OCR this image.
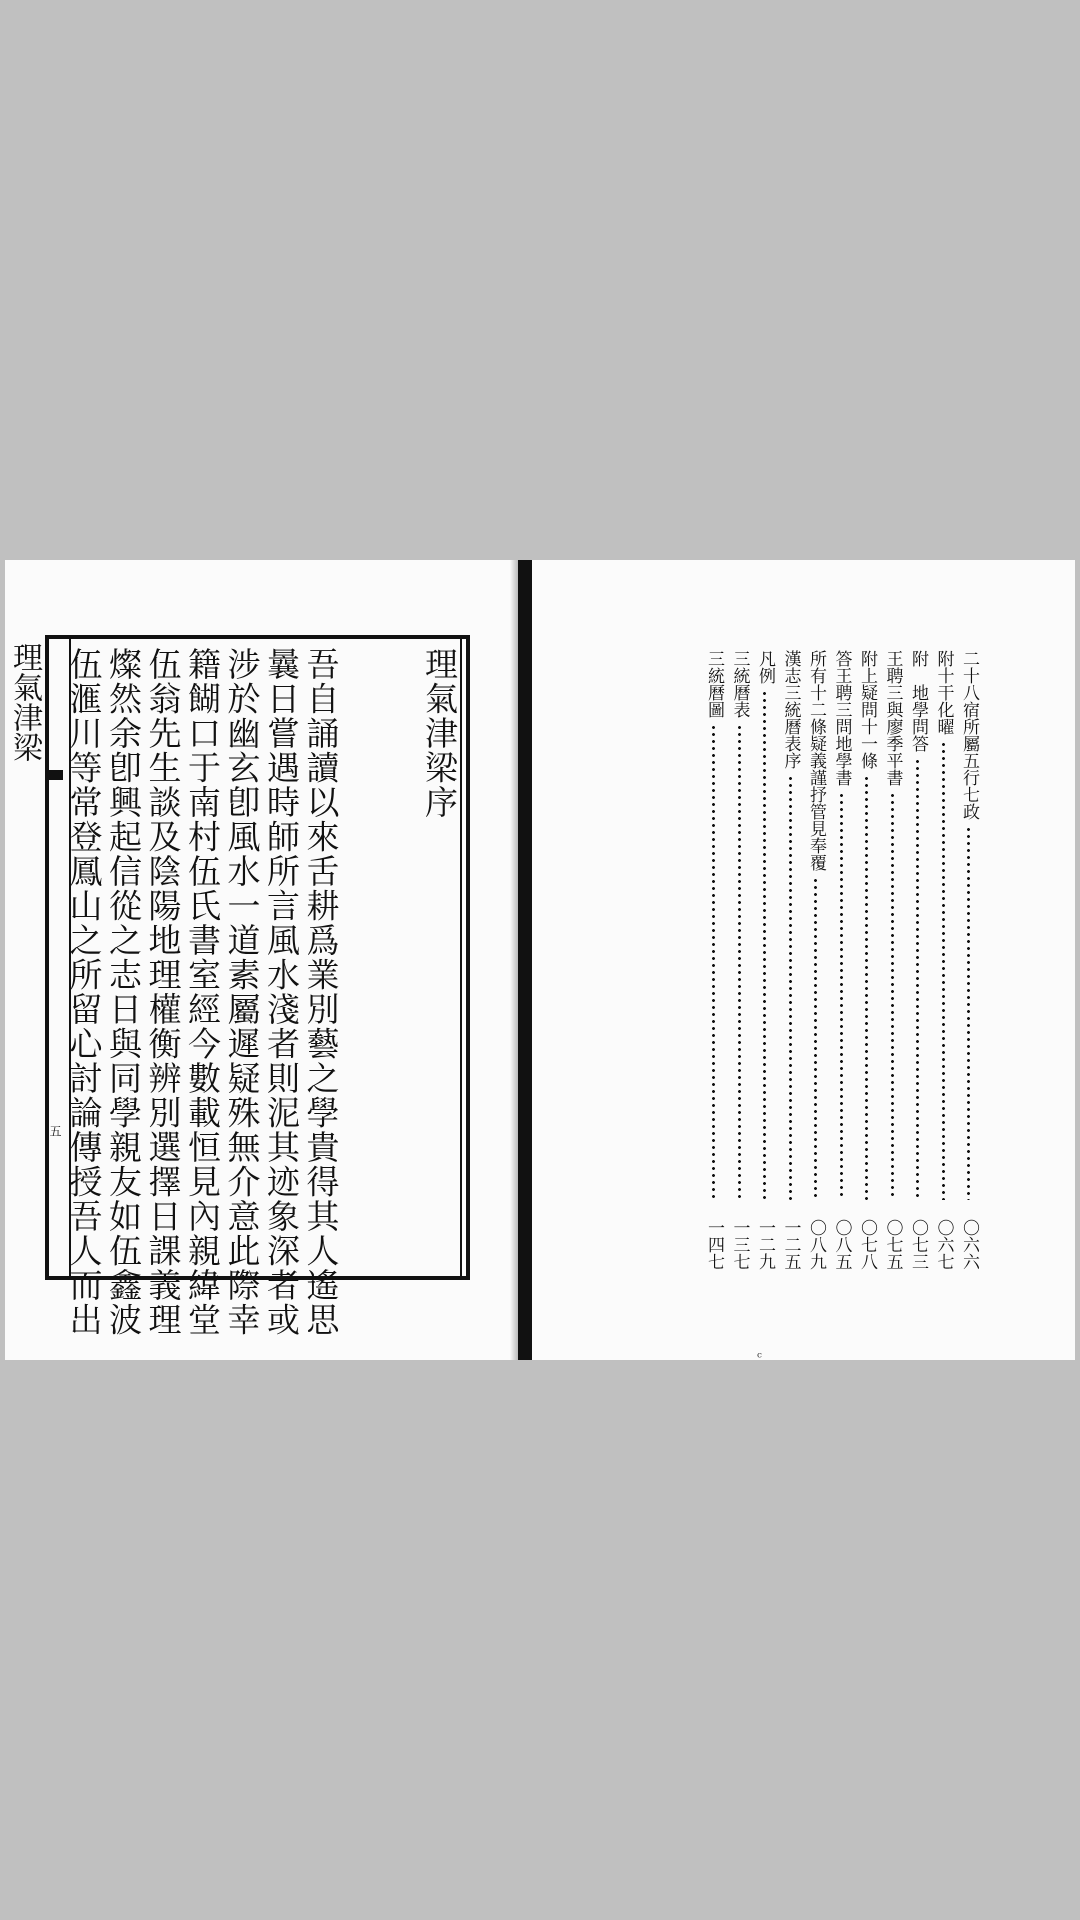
理氣津梁
五

理氣津梁序

吾自誦讀以來舌耕爲業別藝之學貴得其人遙思
曩日嘗遇時師所言風水淺者則泥其迹象深者或
涉於幽玄卽風水一道素屬遲疑殊無介意此際幸
籍餬口于南村伍氏書室經今數載恒見內親緯堂
伍翁先生談及陰陽地理權衡辨別選擇日課義理
燦然余卽興起信從之志日與同學親友如伍鑫波
伍滙川等常登鳳山之所留心討論傳授吾人而出	二十八宿所屬五行七政
〇六六
附十干化曜
〇六七
附　地學問答
〇七三
王聘三與廖季平書
〇七五
附上疑問十一條
〇七八
答王聘三問地學書
〇八五
所有十二條疑義謹抒管見奉覆
〇八九
漢志三統曆表序
一二五
凡例
一二九
三統曆表
一三七
三統曆圖
一四七
ᶜ
